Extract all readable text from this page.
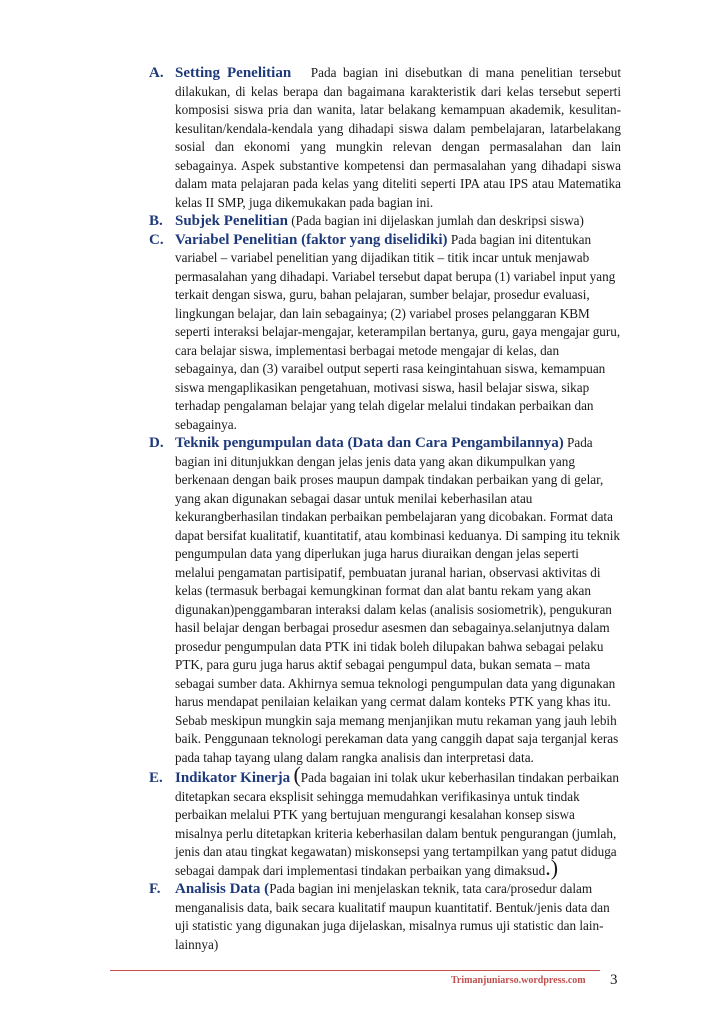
A. Setting Penelitian Pada bagian ini disebutkan di mana penelitian tersebut dilakukan, di kelas berapa dan bagaimana karakteristik dari kelas tersebut seperti komposisi siswa pria dan wanita, latar belakang kemampuan akademik, kesulitan-kesulitan/kendala-kendala yang dihadapi siswa dalam pembelajaran, latarbelakang sosial dan ekonomi yang mungkin relevan dengan permasalahan dan lain sebagainya. Aspek substantive kompetensi dan permasalahan yang dihadapi siswa dalam mata pelajaran pada kelas yang diteliti seperti IPA atau IPS atau Matematika kelas II SMP, juga dikemukakan pada bagian ini.

B. Subjek Penelitian (Pada bagian ini dijelaskan jumlah dan deskripsi siswa)

C. Variabel Penelitian (faktor yang diselidiki) Pada bagian ini ditentukan variabel – variabel penelitian yang dijadikan titik – titik incar untuk menjawab permasalahan yang dihadapi. Variabel tersebut dapat berupa (1) variabel input yang terkait dengan siswa, guru, bahan pelajaran, sumber belajar, prosedur evaluasi, lingkungan belajar, dan lain sebagainya; (2) variabel proses pelanggaran KBM seperti interaksi belajar-mengajar, keterampilan bertanya, guru, gaya mengajar guru, cara belajar siswa, implementasi berbagai metode mengajar di kelas, dan sebagainya, dan (3) varaibel output seperti rasa keingintahuan siswa, kemampuan siswa mengaplikasikan pengetahuan, motivasi siswa, hasil belajar siswa, sikap terhadap pengalaman belajar yang telah digelar melalui tindakan perbaikan dan sebagainya.

D. Teknik pengumpulan data (Data dan Cara Pengambilannya) Pada bagian ini ditunjukkan dengan jelas jenis data yang akan dikumpulkan yang berkenaan dengan baik proses maupun dampak tindakan perbaikan yang di gelar, yang akan digunakan sebagai dasar untuk menilai keberhasilan atau kekurangberhasilan tindakan perbaikan pembelajaran yang dicobakan. Format data dapat bersifat kualitatif, kuantitatif, atau kombinasi keduanya. Di samping itu teknik pengumpulan data yang diperlukan juga harus diuraikan dengan jelas seperti melalui pengamatan partisipatif, pembuatan juranal harian, observasi aktivitas di kelas (termasuk berbagai kemungkinan format dan alat bantu rekam yang akan digunakan)penggambaran interaksi dalam kelas (analisis sosiometrik), pengukuran hasil belajar dengan berbagai prosedur asesmen dan sebagainya.selanjutnya dalam prosedur pengumpulan data PTK ini tidak boleh dilupakan bahwa sebagai pelaku PTK, para guru juga harus aktif sebagai pengumpul data, bukan semata – mata sebagai sumber data. Akhirnya semua teknologi pengumpulan data yang digunakan harus mendapat penilaian kelaikan yang cermat dalam konteks PTK yang khas itu. Sebab meskipun mungkin saja memang menjanjikan mutu rekaman yang jauh lebih baik. Penggunaan teknologi perekaman data yang canggih dapat saja terganjal keras pada tahap tayang ulang dalam rangka analisis dan interpretasi data.

E. Indikator Kinerja (Pada bagaian ini tolak ukur keberhasilan tindakan perbaikan ditetapkan secara eksplisit sehingga memudahkan verifikasinya untuk tindak perbaikan melalui PTK yang bertujuan mengurangi kesalahan konsep siswa misalnya perlu ditetapkan kriteria keberhasilan dalam bentuk pengurangan (jumlah, jenis dan atau tingkat kegawatan) miskonsepsi yang tertampilkan yang patut diduga sebagai dampak dari implementasi tindakan perbaikan yang dimaksud.)

F. Analisis Data (Pada bagian ini menjelaskan teknik, tata cara/prosedur dalam menganalisis data, baik secara kualitatif maupun kuantitatif. Bentuk/jenis data dan uji statistic yang digunakan juga dijelaskan, misalnya rumus uji statistic dan lain-lainnya)

Trimanjuniarso.wordpress.com 3
